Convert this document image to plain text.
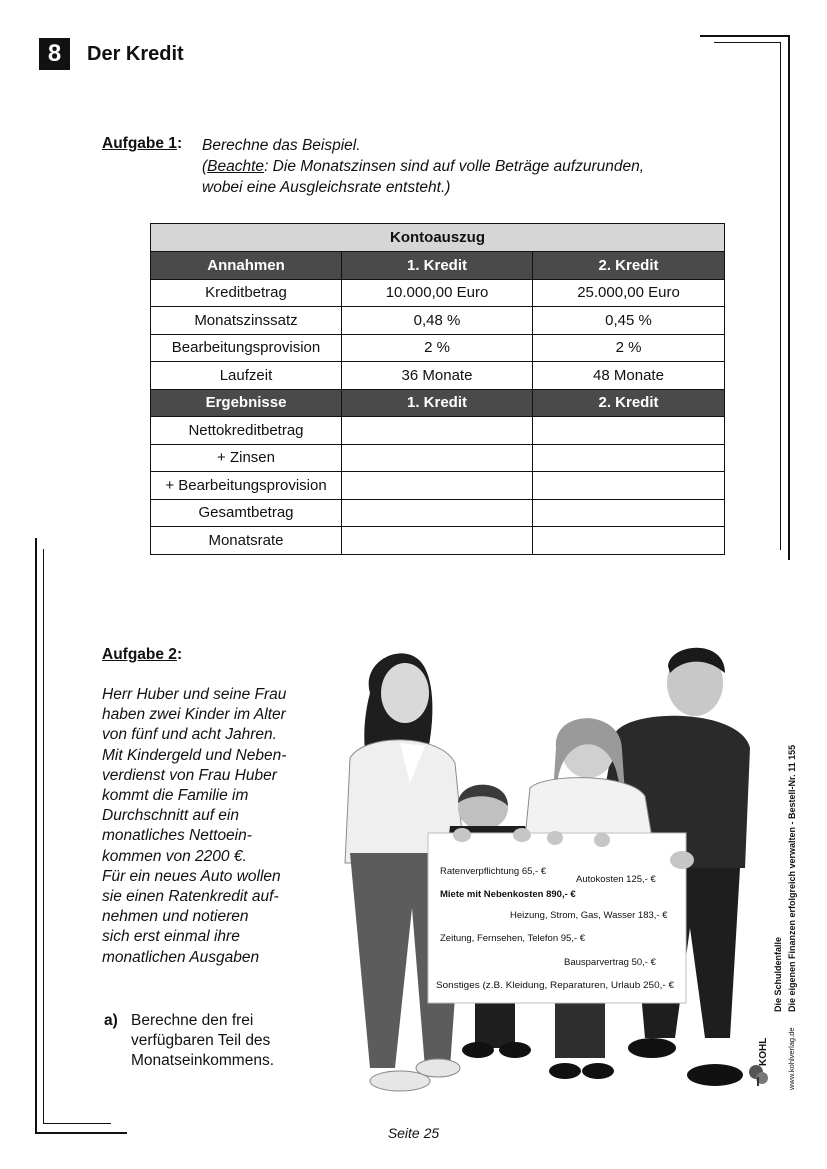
8	Der Kredit
Aufgabe 1: Berechne das Beispiel.
(Beachte: Die Monatszinsen sind auf volle Beträge aufzurunden,
wobei eine Ausgleichsrate entsteht.)
Kontoauszug		
Annahmen	1. Kredit	2. Kredit
Kreditbetrag	10.000,00 Euro	25.000,00 Euro
Monatszinssatz	0,48 %	0,45 %
Bearbeitungsprovision	2 %	2 %
Laufzeit	36 Monate	48 Monate
Ergebnisse	1. Kredit	2. Kredit
Nettokreditbetrag		
+ Zinsen		
+ Bearbeitungsprovision		
Gesamtbetrag		
Monatsrate		
Aufgabe 2:
Herr Huber und seine Frau
haben zwei Kinder im Alter
von fünf und acht Jahren.
Mit Kindergeld und Neben-
verdienst von Frau Huber
kommt die Familie im
Durchschnitt auf ein
monatliches Nettoein-
kommen von 2200 €.
Für ein neues Auto wollen
sie einen Ratenkredit auf-
nehmen und notieren
sich erst einmal ihre
monatlichen Ausgaben
a) Berechne den frei
verfügbaren Teil des
Monatseinkommens.
Ratenverpflichtung 65,- €
Autokosten 125,- €
Miete mit Nebenkosten 890,- €
Heizung, Strom, Gas, Wasser 183,- €
Zeitung, Fernsehen, Telefon 95,- €
Bausparvertrag 50,- €
Sonstiges (z.B. Kleidung, Reparaturen, Urlaub 250,- €
KOHL
Die Schuldenfalle Die eigenen Finanzen erfolgreich verwalten - Bestell-Nr. 11 155
www.kohlverlag.de
Seite 25
